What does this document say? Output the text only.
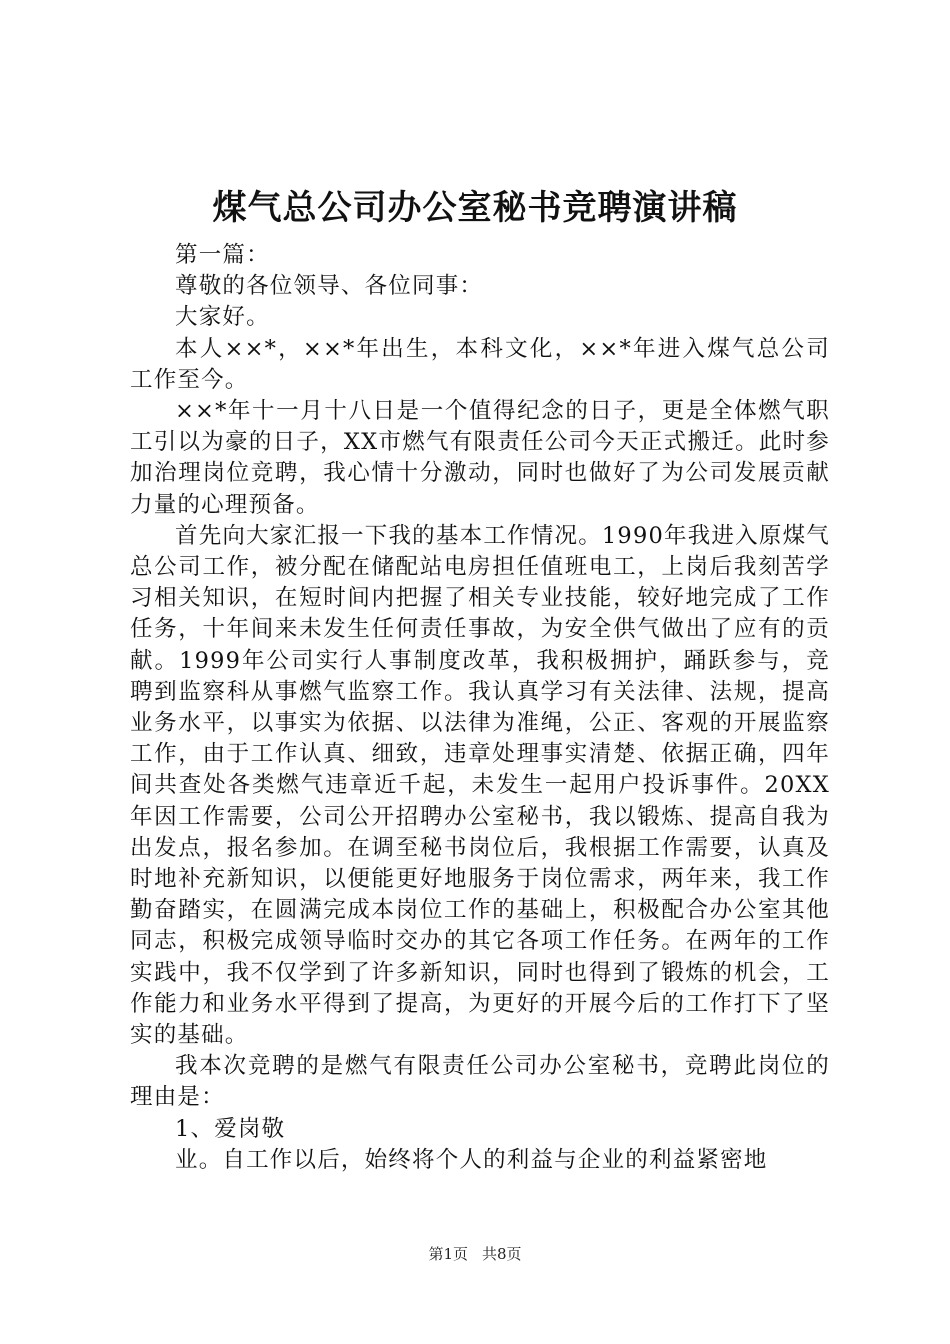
煤气总公司办公室秘书竞聘演讲稿

第一篇：

尊敬的各位领导、各位同事：

大家好。

本人××*，××*年出生，本科文化，××*年进入煤气总公司工作至今。

××*年十一月十八日是一个值得纪念的日子，更是全体燃气职工引以为豪的日子，XX市燃气有限责任公司今天正式搬迁。此时参加治理岗位竞聘，我心情十分激动，同时也做好了为公司发展贡献力量的心理预备。

首先向大家汇报一下我的基本工作情况。1990年我进入原煤气总公司工作，被分配在储配站电房担任值班电工，上岗后我刻苦学习相关知识，在短时间内把握了相关专业技能，较好地完成了工作任务，十年间来未发生任何责任事故，为安全供气做出了应有的贡献。1999年公司实行人事制度改革，我积极拥护，踊跃参与，竞聘到监察科从事燃气监察工作。我认真学习有关法律、法规，提高业务水平，以事实为依据、以法律为准绳，公正、客观的开展监察工作，由于工作认真、细致，违章处理事实清楚、依据正确，四年间共查处各类燃气违章近千起，未发生一起用户投诉事件。20XX年因工作需要，公司公开招聘办公室秘书，我以锻炼、提高自我为出发点，报名参加。在调至秘书岗位后，我根据工作需要，认真及时地补充新知识，以便能更好地服务于岗位需求，两年来，我工作勤奋踏实，在圆满完成本岗位工作的基础上，积极配合办公室其他同志，积极完成领导临时交办的其它各项工作任务。在两年的工作实践中，我不仅学到了许多新知识，同时也得到了锻炼的机会，工作能力和业务水平得到了提高，为更好的开展今后的工作打下了坚实的基础。

我本次竞聘的是燃气有限责任公司办公室秘书，竞聘此岗位的理由是：

1、爱岗敬

业。自工作以后，始终将个人的利益与企业的利益紧密地

第1页 共8页
